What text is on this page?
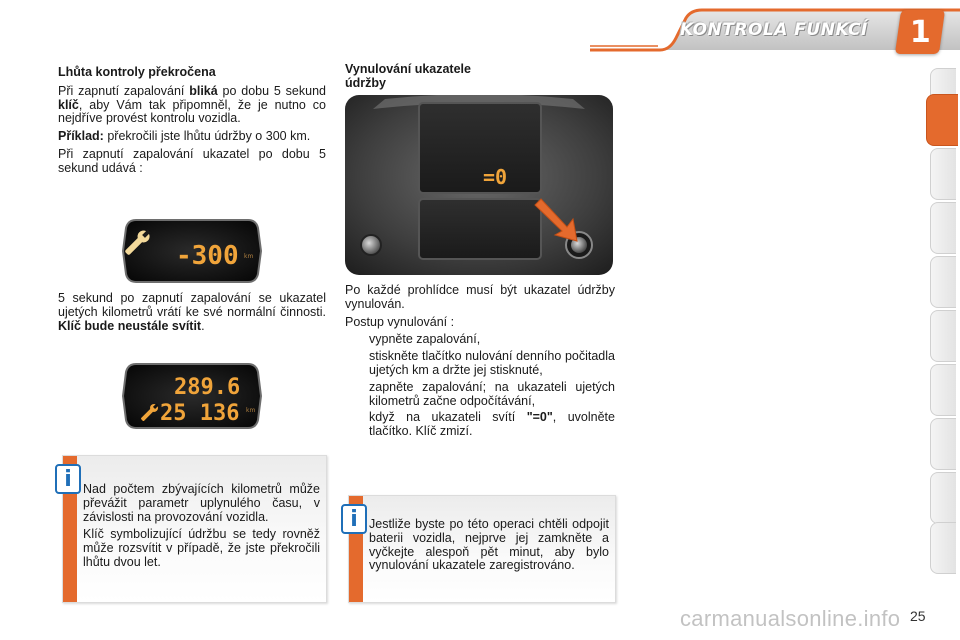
KONTROLA FUNKCÍ 1
Lhůta kontroly překročena

Při zapnutí zapalování bliká po dobu 5 sekund klíč, aby Vám tak připomněl, že je nutno co nejdříve provést kontrolu vozidla.

Příklad: překročili jste lhůtu údržby o 300 km.

Při zapnutí zapalování ukazatel po dobu 5 sekund udává :

-300 km
5 sekund po zapnutí zapalování se ukazatel ujetých kilometrů vrátí ke své normální činnosti. Klíč bude neustále svítit.
289.6
25 136 km
Vynulování ukazatele údržby
=0

Po každé prohlídce musí být ukazatel údržby vynulován.

Postup vynulování :

vypněte zapalování,
stiskněte tlačítko nulování denního počitadla ujetých km a držte jej stisknuté,
zapněte zapalování; na ukazateli ujetých kilometrů začne odpočítávání,
když na ukazateli svítí "=0", uvolněte tlačítko. Klíč zmizí.
i Nad počtem zbývajících kilometrů může převážit parametr uplynulého času, v závislosti na provozování vozidla.

Klíč symbolizující údržbu se tedy rovněž může rozsvítit v případě, že jste překročili lhůtu dvou let.

i Jestliže byste po této operaci chtěli odpojit baterii vozidla, nejprve jej zamkněte a vyčkejte alespoň pět minut, aby bylo vynulování ukazatele zaregistrováno.

25
carmanualsonline.info
